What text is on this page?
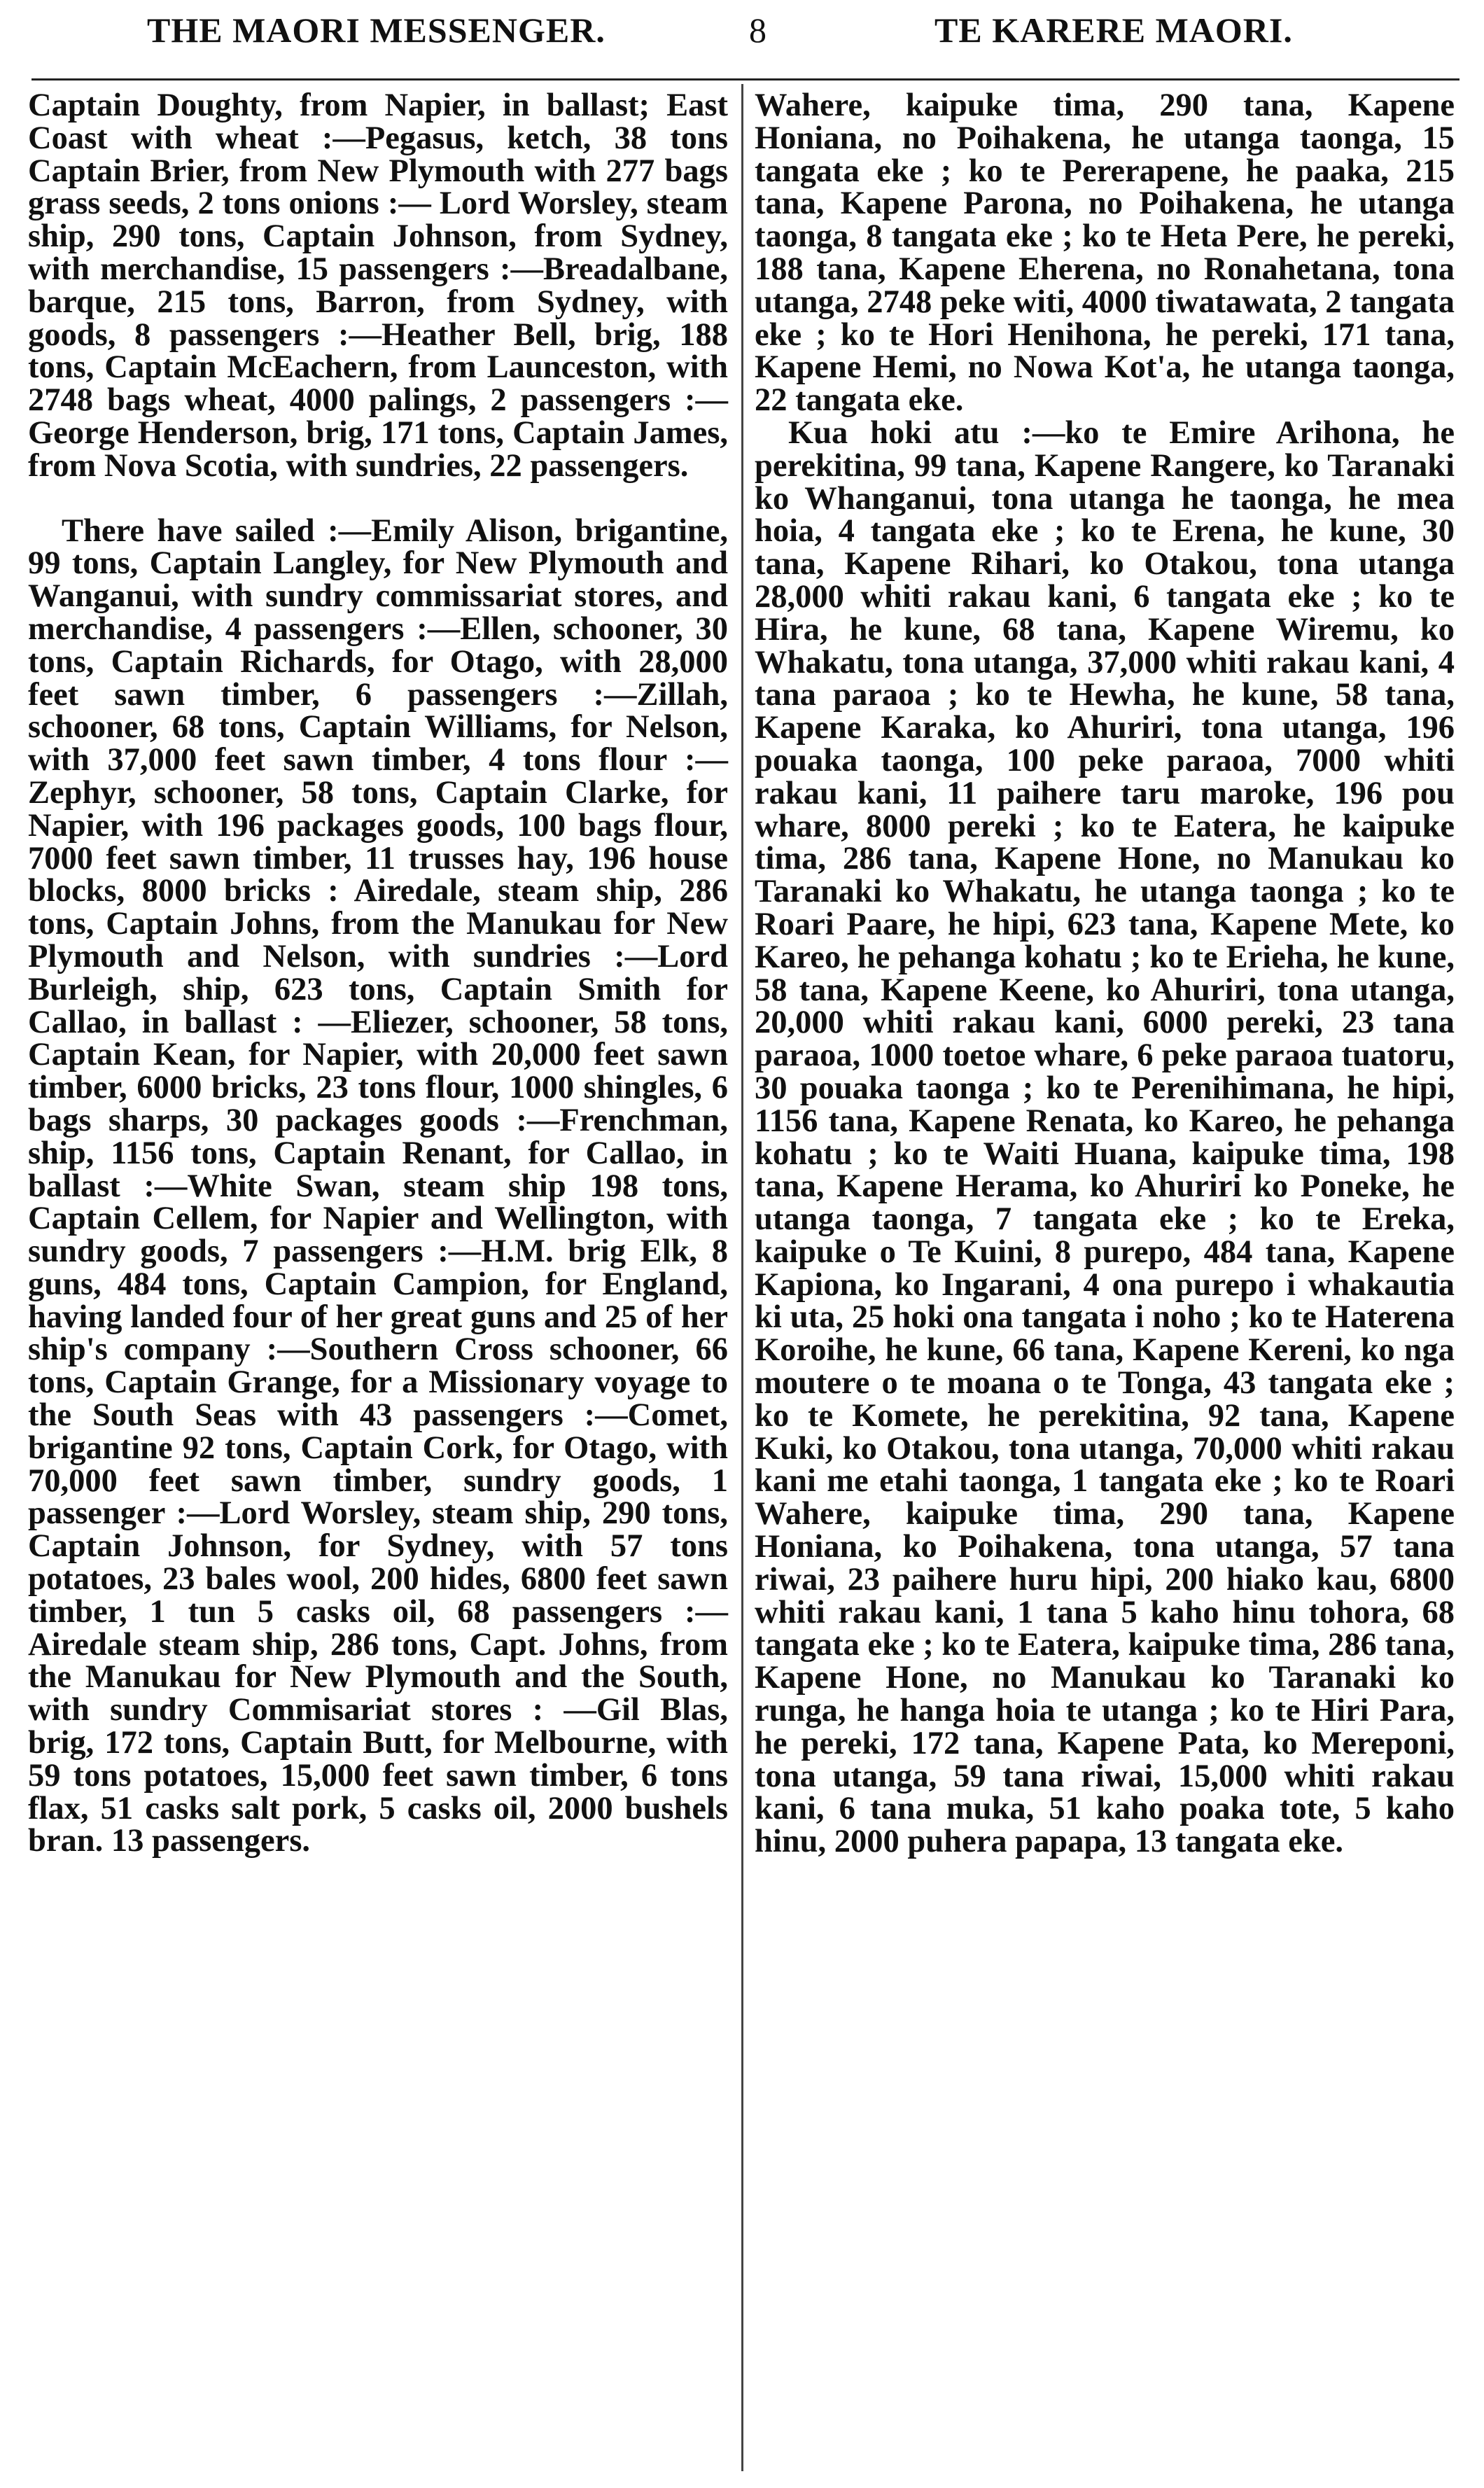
THE MAORI MESSENGER.	8	TE KARERE MAORI.

Captain Doughty, from Napier, in ballast; East Coast with wheat :—Pegasus, ketch, 38 tons Captain Brier, from New Plymouth with 277 bags grass seeds, 2 tons onions :— Lord Worsley, steam ship, 290 tons, Captain Johnson, from Sydney, with merchandise, 15 passengers :—Breadalbane, barque, 215 tons, Barron, from Sydney, with goods, 8 passengers :—Heather Bell, brig, 188 tons, Captain McEachern, from Launceston, with 2748 bags wheat, 4000 palings, 2 passengers :—George Henderson, brig, 171 tons, Captain James, from Nova Scotia, with sundries, 22 passengers.

There have sailed :—Emily Alison, brigantine, 99 tons, Captain Langley, for New Plymouth and Wanganui, with sundry commissariat stores, and merchandise, 4 passengers :—Ellen, schooner, 30 tons, Captain Richards, for Otago, with 28,000 feet sawn timber, 6 passengers :—Zillah, schooner, 68 tons, Captain Williams, for Nelson, with 37,000 feet sawn timber, 4 tons flour :— Zephyr, schooner, 58 tons, Captain Clarke, for Napier, with 196 packages goods, 100 bags flour, 7000 feet sawn timber, 11 trusses hay, 196 house blocks, 8000 bricks : Airedale, steam ship, 286 tons, Captain Johns, from the Manukau for New Plymouth and Nelson, with sundries :—Lord Burleigh, ship, 623 tons, Captain Smith for Callao, in ballast : —Eliezer, schooner, 58 tons, Captain Kean, for Napier, with 20,000 feet sawn timber, 6000 bricks, 23 tons flour, 1000 shingles, 6 bags sharps, 30 packages goods :—Frenchman, ship, 1156 tons, Captain Renant, for Callao, in ballast :—White Swan, steam ship 198 tons, Captain Cellem, for Napier and Wellington, with sundry goods, 7 passengers :—H.M. brig Elk, 8 guns, 484 tons, Captain Campion, for England, having landed four of her great guns and 25 of her ship's company :—Southern Cross schooner, 66 tons, Captain Grange, for a Missionary voyage to the South Seas with 43 passengers :—Comet, brigantine 92 tons, Captain Cork, for Otago, with 70,000 feet sawn timber, sundry goods, 1 passenger :—Lord Worsley, steam ship, 290 tons, Captain Johnson, for Sydney, with 57 tons potatoes, 23 bales wool, 200 hides, 6800 feet sawn timber, 1 tun 5 casks oil, 68 passengers :— Airedale steam ship, 286 tons, Capt. Johns, from the Manukau for New Plymouth and the South, with sundry Commisariat stores : —Gil Blas, brig, 172 tons, Captain Butt, for Melbourne, with 59 tons potatoes, 15,000 feet sawn timber, 6 tons flax, 51 casks salt pork, 5 casks oil, 2000 bushels bran. 13 passengers.

Wahere, kaipuke tima, 290 tana, Kapene Honiana, no Poihakena, he utanga taonga, 15 tangata eke ; ko te Pererapene, he paaka, 215 tana, Kapene Parona, no Poihakena, he utanga taonga, 8 tangata eke ; ko te Heta Pere, he pereki, 188 tana, Kapene Eherena, no Ronahetana, tona utanga, 2748 peke witi, 4000 tiwatawata, 2 tangata eke ; ko te Hori Henihona, he pereki, 171 tana, Kapene Hemi, no Nowa Kot'a, he utanga taonga, 22 tangata eke.

Kua hoki atu :—ko te Emire Arihona, he perekitina, 99 tana, Kapene Rangere, ko Taranaki ko Whanganui, tona utanga he taonga, he mea hoia, 4 tangata eke ; ko te Erena, he kune, 30 tana, Kapene Rihari, ko Otakou, tona utanga 28,000 whiti rakau kani, 6 tangata eke ; ko te Hira, he kune, 68 tana, Kapene Wiremu, ko Whakatu, tona utanga, 37,000 whiti rakau kani, 4 tana paraoa ; ko te Hewha, he kune, 58 tana, Kapene Karaka, ko Ahuriri, tona utanga, 196 pouaka taonga, 100 peke paraoa, 7000 whiti rakau kani, 11 paihere taru maroke, 196 pou whare, 8000 pereki ; ko te Eatera, he kaipuke tima, 286 tana, Kapene Hone, no Manukau ko Taranaki ko Whakatu, he utanga taonga ; ko te Roari Paare, he hipi, 623 tana, Kapene Mete, ko Kareo, he pehanga kohatu ; ko te Erieha, he kune, 58 tana, Kapene Keene, ko Ahuriri, tona utanga, 20,000 whiti rakau kani, 6000 pereki, 23 tana paraoa, 1000 toetoe whare, 6 peke paraoa tuatoru, 30 pouaka taonga ; ko te Perenihimana, he hipi, 1156 tana, Kapene Renata, ko Kareo, he pehanga kohatu ; ko te Waiti Huana, kaipuke tima, 198 tana, Kapene Herama, ko Ahuriri ko Poneke, he utanga taonga, 7 tangata eke ; ko te Ereka, kaipuke o Te Kuini, 8 purepo, 484 tana, Kapene Kapiona, ko Ingarani, 4 ona purepo i whakautia ki uta, 25 hoki ona tangata i noho ; ko te Haterena Koroihe, he kune, 66 tana, Kapene Kereni, ko nga moutere o te moana o te Tonga, 43 tangata eke ; ko te Komete, he perekitina, 92 tana, Kapene Kuki, ko Otakou, tona utanga, 70,000 whiti rakau kani me etahi taonga, 1 tangata eke ; ko te Roari Wahere, kaipuke tima, 290 tana, Kapene Honiana, ko Poihakena, tona utanga, 57 tana riwai, 23 paihere huru hipi, 200 hiako kau, 6800 whiti rakau kani, 1 tana 5 kaho hinu tohora, 68 tangata eke ; ko te Eatera, kaipuke tima, 286 tana, Kapene Hone, no Manukau ko Taranaki ko runga, he hanga hoia te utanga ; ko te Hiri Para, he pereki, 172 tana, Kapene Pata, ko Mereponi, tona utanga, 59 tana riwai, 15,000 whiti rakau kani, 6 tana muka, 51 kaho poaka tote, 5 kaho hinu, 2000 puhera papapa, 13 tangata eke.
